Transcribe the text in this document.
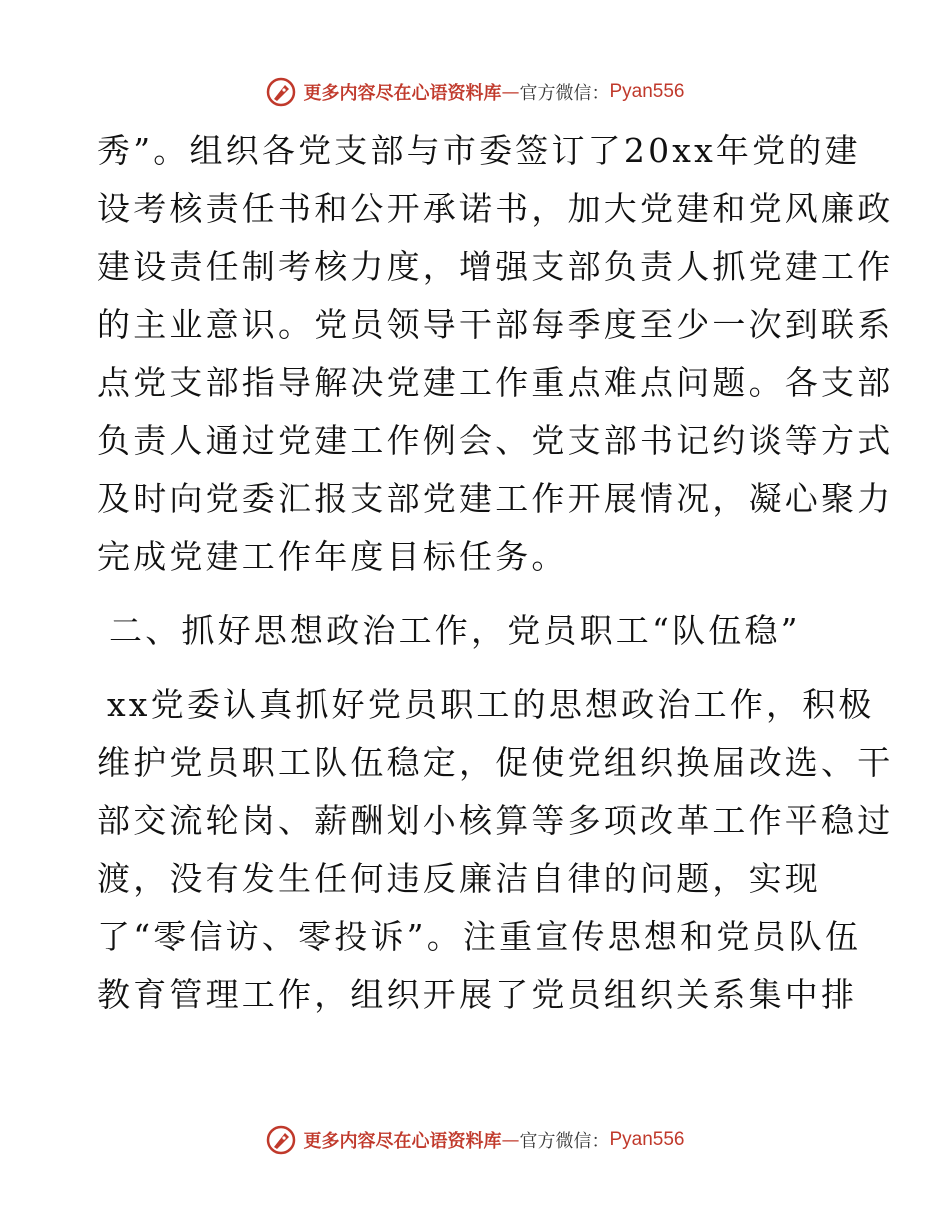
更多内容尽在心语资料库 — 官方微信： Pyan556
秀”。组织各党支部与市委签订了20xx年党的建
设考核责任书和公开承诺书，加大党建和党风廉政
建设责任制考核力度，增强支部负责人抓党建工作
的主业意识。党员领导干部每季度至少一次到联系
点党支部指导解决党建工作重点难点问题。各支部
负责人通过党建工作例会、党支部书记约谈等方式
及时向党委汇报支部党建工作开展情况，凝心聚力
完成党建工作年度目标任务。
二、抓好思想政治工作，党员职工“队伍稳”
xx党委认真抓好党员职工的思想政治工作，积极
维护党员职工队伍稳定，促使党组织换届改选、干
部交流轮岗、薪酬划小核算等多项改革工作平稳过
渡，没有发生任何违反廉洁自律的问题，实现
了“零信访、零投诉”。注重宣传思想和党员队伍
教育管理工作，组织开展了党员组织关系集中排
更多内容尽在心语资料库 — 官方微信： Pyan556
